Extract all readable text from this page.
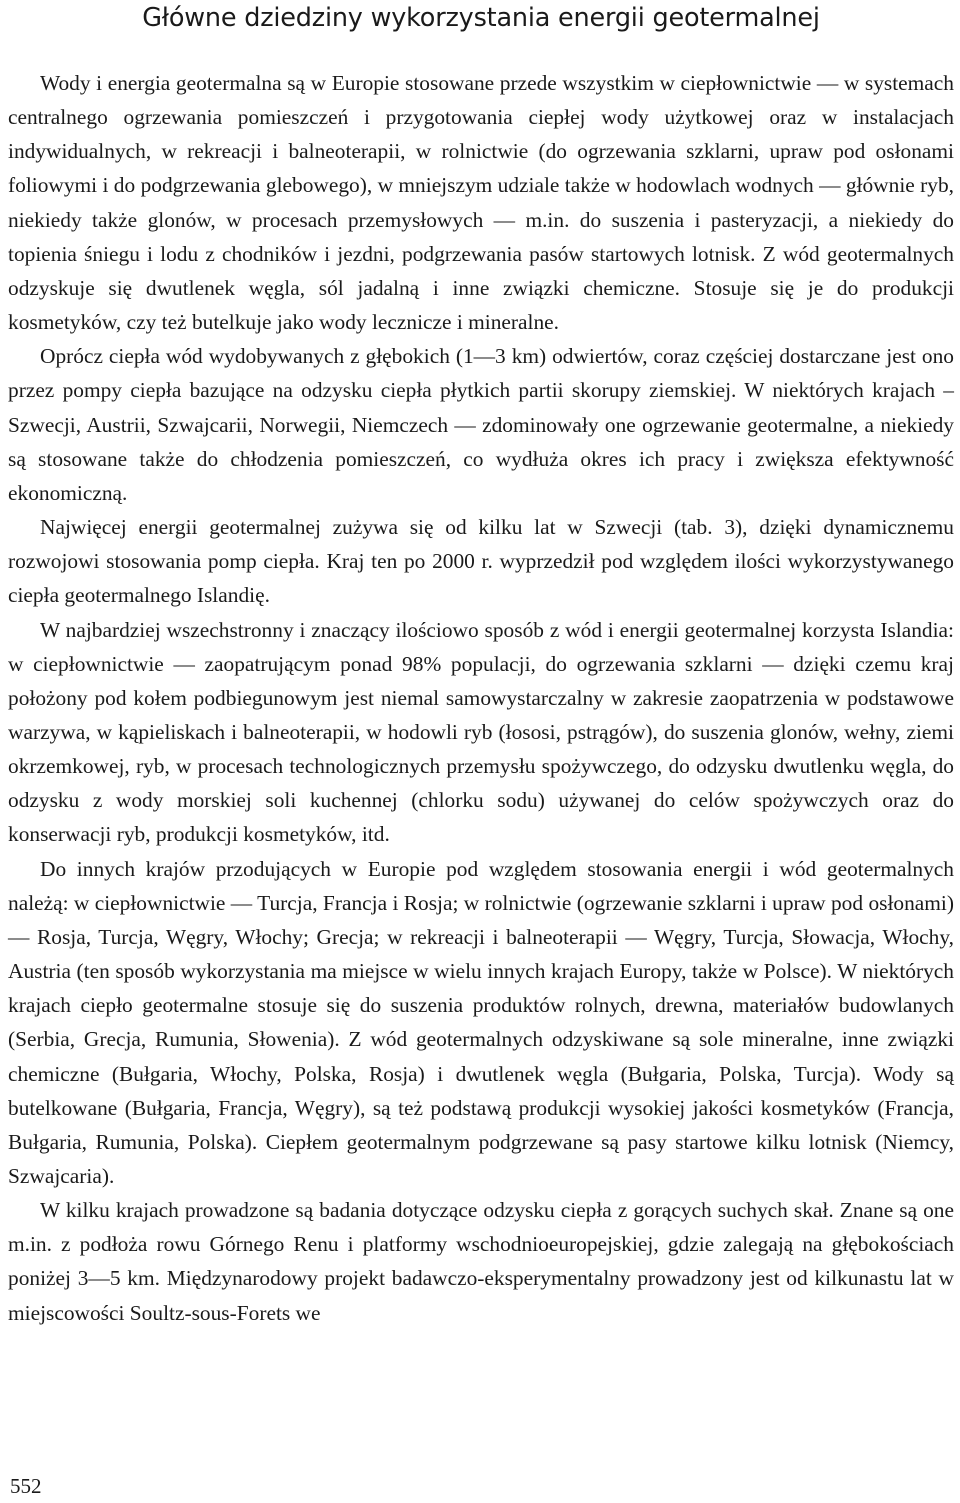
Główne dziedziny wykorzystania energii geotermalnej

Wody i energia geotermalna są w Europie stosowane przede wszystkim w ciepłownictwie — w systemach centralnego ogrzewania pomieszczeń i przygotowania ciepłej wody użytkowej oraz w instalacjach indywidualnych, w rekreacji i balneoterapii, w rolnictwie (do ogrzewania szklarni, upraw pod osłonami foliowymi i do podgrzewania glebowego), w mniejszym udziale także w hodowlach wodnych — głównie ryb, niekiedy także glonów, w procesach przemysłowych — m.in. do suszenia i pasteryzacji, a niekiedy do topienia śniegu i lodu z chodników i jezdni, podgrzewania pasów startowych lotnisk. Z wód geotermalnych odzyskuje się dwutlenek węgla, sól jadalną i inne związki chemiczne. Stosuje się je do produkcji kosmetyków, czy też butelkuje jako wody lecznicze i mineralne.

Oprócz ciepła wód wydobywanych z głębokich (1—3 km) odwiertów, coraz częściej dostarczane jest ono przez pompy ciepła bazujące na odzysku ciepła płytkich partii skorupy ziemskiej. W niektórych krajach – Szwecji, Austrii, Szwajcarii, Norwegii, Niemczech — zdominowały one ogrzewanie geotermalne, a niekiedy są stosowane także do chłodzenia pomieszczeń, co wydłuża okres ich pracy i zwiększa efektywność ekonomiczną.

Najwięcej energii geotermalnej zużywa się od kilku lat w Szwecji (tab. 3), dzięki dynamicznemu rozwojowi stosowania pomp ciepła. Kraj ten po 2000 r. wyprzedził pod względem ilości wykorzystywanego ciepła geotermalnego Islandię.

W najbardziej wszechstronny i znaczący ilościowo sposób z wód i energii geotermalnej korzysta Islandia: w ciepłownictwie — zaopatrującym ponad 98% populacji, do ogrzewania szklarni — dzięki czemu kraj położony pod kołem podbiegunowym jest niemal samowystarczalny w zakresie zaopatrzenia w podstawowe warzywa, w kąpieliskach i balneoterapii, w hodowli ryb (łososi, pstrągów), do suszenia glonów, wełny, ziemi okrzemkowej, ryb, w procesach technologicznych przemysłu spożywczego, do odzysku dwutlenku węgla, do odzysku z wody morskiej soli kuchennej (chlorku sodu) używanej do celów spożywczych oraz do konserwacji ryb, produkcji kosmetyków, itd.

Do innych krajów przodujących w Europie pod względem stosowania energii i wód geotermalnych należą: w ciepłownictwie — Turcja, Francja i Rosja; w rolnictwie (ogrzewanie szklarni i upraw pod osłonami) — Rosja, Turcja, Węgry, Włochy; Grecja; w rekreacji i balneoterapii — Węgry, Turcja, Słowacja, Włochy, Austria (ten sposób wykorzystania ma miejsce w wielu innych krajach Europy, także w Polsce). W niektórych krajach ciepło geotermalne stosuje się do suszenia produktów rolnych, drewna, materiałów budowlanych (Serbia, Grecja, Rumunia, Słowenia). Z wód geotermalnych odzyskiwane są sole mineralne, inne związki chemiczne (Bułgaria, Włochy, Polska, Rosja) i dwutlenek węgla (Bułgaria, Polska, Turcja). Wody są butelkowane (Bułgaria, Francja, Węgry), są też podstawą produkcji wysokiej jakości kosmetyków (Francja, Bułgaria, Rumunia, Polska). Ciepłem geotermalnym podgrzewane są pasy startowe kilku lotnisk (Niemcy, Szwajcaria).

W kilku krajach prowadzone są badania dotyczące odzysku ciepła z gorących suchych skał. Znane są one m.in. z podłoża rowu Górnego Renu i platformy wschodnioeuropejskiej, gdzie zalegają na głębokościach poniżej 3—5 km. Międzynarodowy projekt badawczo-eksperymentalny prowadzony jest od kilkunastu lat w miejscowości Soultz-sous-Forets we

552
